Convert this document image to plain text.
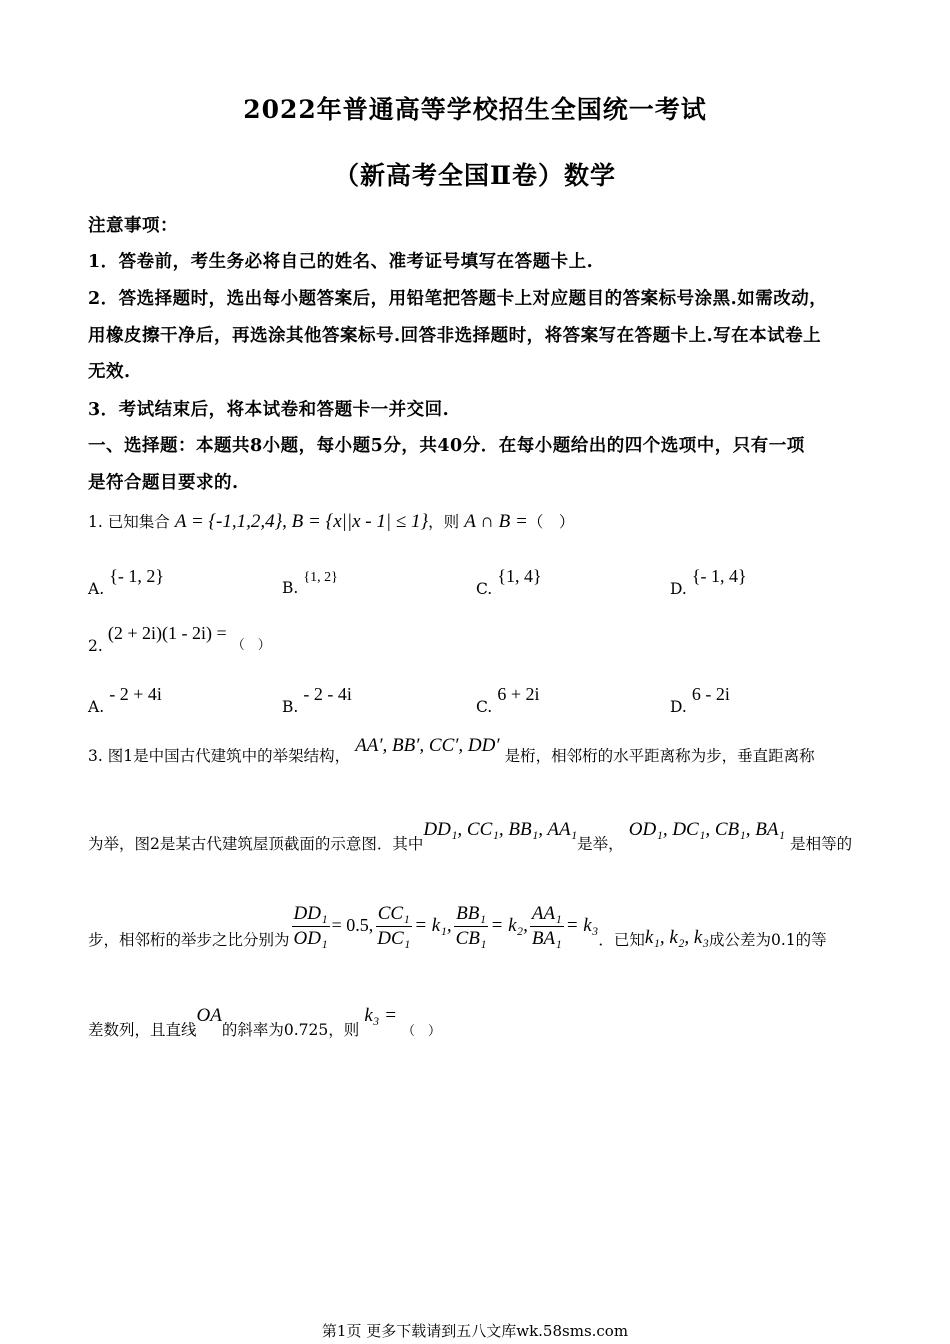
2022年普通高等学校招生全国统一考试
（新高考全国Ⅱ卷）数学
注意事项：
1．答卷前，考生务必将自己的姓名、准考证号填写在答题卡上.
2．答选择题时，选出每小题答案后，用铅笔把答题卡上对应题目的答案标号涂黑.如需改动，
用橡皮擦干净后，再选涂其他答案标号.回答非选择题时，将答案写在答题卡上.写在本试卷上
无效.
3．考试结束后，将本试卷和答题卡一并交回.
一、选择题：本题共8小题，每小题5分，共40分．在每小题给出的四个选项中，只有一项
是符合题目要求的.
1. 已知集合 A = {-1,1,2,4}, B = {x||x - 1| ≤ 1}，则 A ∩ B =（　）
A. {- 1, 2}
B. {1, 2}
C. {1, 4}
D. {- 1, 4}
2. (2 + 2i)(1 - 2i) = $_{( )}$
A. - 2 + 4i
B. - 2 - 4i
C. 6 + 2i
D. 6 - 2i
3. 图1是中国古代建筑中的举架结构， AA′, BB′, CC′, DD′ 是桁，相邻桁的水平距离称为步，垂直距离称
为举，图2是某古代建筑屋顶截面的示意图．其中DD₁, CC₁, BB₁, AA₁是举， OD₁, DC₁, CB₁, BA₁ 是相等的
步，相邻桁的举步之比分别为 $\frac{\text{DD₁}}{\text{OD₁}} = 0.5$, $\frac{\text{CC₁}}{\text{DC₁}} = k_1$, $\frac{\text{BB₁}}{\text{CB₁}} = k_2$, $\frac{\text{AA₁}}{\text{BA₁}} = k_3$．已知k₁, k₂, k₃成公差为0.1的等
差数列，且直线OA的斜率为0.725，则 k₃ = $_{( )}$
第1页 更多下载请到五八文库wk.58sms.com
